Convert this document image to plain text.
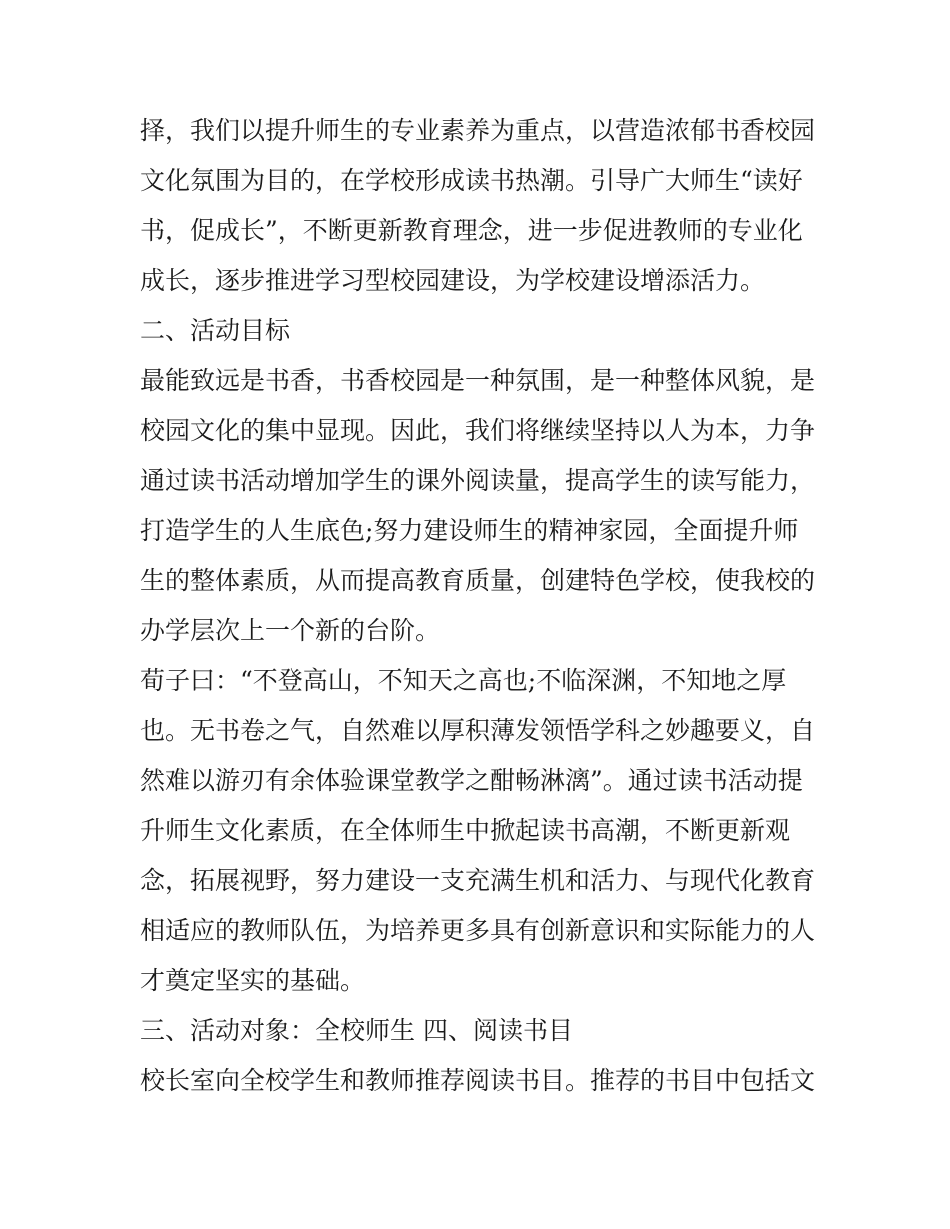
择，我们以提升师生的专业素养为重点，以营造浓郁书香校园
文化氛围为目的，在学校形成读书热潮。引导广大师生“读好
书，促成长”，不断更新教育理念，进一步促进教师的专业化
成长，逐步推进学习型校园建设，为学校建设增添活力。
二、活动目标
最能致远是书香，书香校园是一种氛围，是一种整体风貌，是
校园文化的集中显现。因此，我们将继续坚持以人为本，力争
通过读书活动增加学生的课外阅读量，提高学生的读写能力，
打造学生的人生底色;努力建设师生的精神家园，全面提升师
生的整体素质，从而提高教育质量，创建特色学校，使我校的
办学层次上一个新的台阶。
荀子曰：“不登高山，不知天之高也;不临深渊，不知地之厚
也。无书卷之气，自然难以厚积薄发领悟学科之妙趣要义，自
然难以游刃有余体验课堂教学之酣畅淋漓”。通过读书活动提
升师生文化素质，在全体师生中掀起读书高潮，不断更新观
念，拓展视野，努力建设一支充满生机和活力、与现代化教育
相适应的教师队伍，为培养更多具有创新意识和实际能力的人
才奠定坚实的基础。
三、活动对象：全校师生 四、阅读书目
校长室向全校学生和教师推荐阅读书目。推荐的书目中包括文
